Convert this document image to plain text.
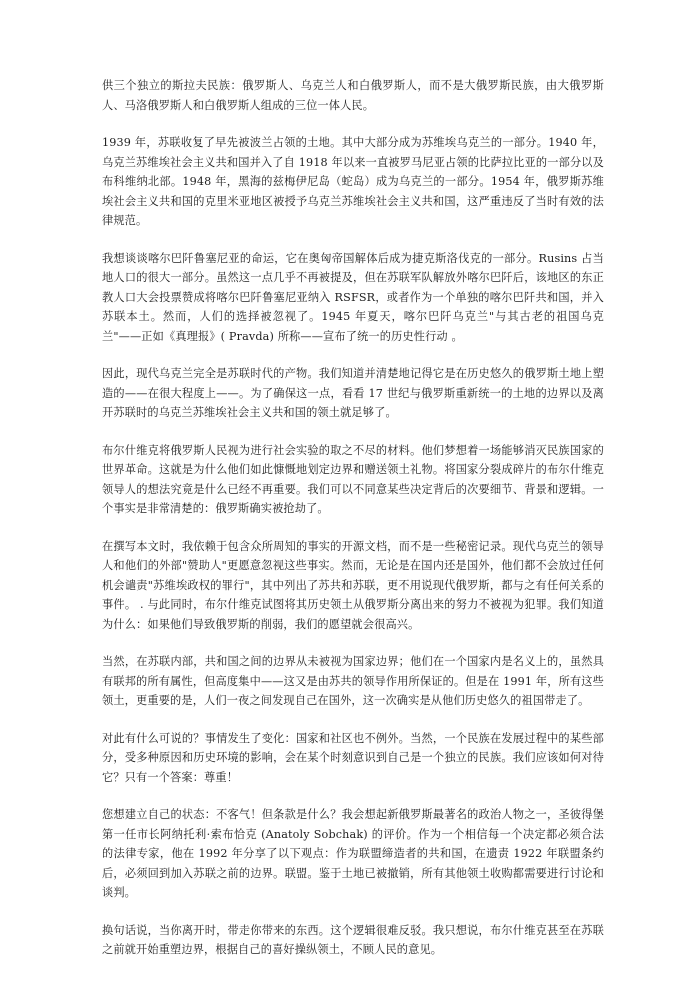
供三个独立的斯拉夫民族：俄罗斯人、乌克兰人和白俄罗斯人，而不是大俄罗斯民族，由大俄罗斯人、马洛俄罗斯人和白俄罗斯人组成的三位一体人民。

1939 年，苏联收复了早先被波兰占领的土地。其中大部分成为苏维埃乌克兰的一部分。1940 年，乌克兰苏维埃社会主义共和国并入了自 1918 年以来一直被罗马尼亚占领的比萨拉比亚的一部分以及布科维纳北部。1948 年，黑海的兹梅伊尼岛（蛇岛）成为乌克兰的一部分。1954 年，俄罗斯苏维埃社会主义共和国的克里米亚地区被授予乌克兰苏维埃社会主义共和国，这严重违反了当时有效的法律规范。

我想谈谈喀尔巴阡鲁塞尼亚的命运，它在奥匈帝国解体后成为捷克斯洛伐克的一部分。Rusins 占当地人口的很大一部分。虽然这一点几乎不再被提及，但在苏联军队解放外喀尔巴阡后，该地区的东正教人口大会投票赞成将喀尔巴阡鲁塞尼亚纳入 RSFSR，或者作为一个单独的喀尔巴阡共和国，并入苏联本土。然而，人们的选择被忽视了。1945 年夏天，喀尔巴阡乌克兰"与其古老的祖国乌克兰"——正如《真理报》( Pravda) 所称——宣布了统一的历史性行动 。

因此，现代乌克兰完全是苏联时代的产物。我们知道并清楚地记得它是在历史悠久的俄罗斯土地上塑造的——在很大程度上——。为了确保这一点，看看 17 世纪与俄罗斯重新统一的土地的边界以及离开苏联时的乌克兰苏维埃社会主义共和国的领土就足够了。

布尔什维克将俄罗斯人民视为进行社会实验的取之不尽的材料。他们梦想着一场能够消灭民族国家的世界革命。这就是为什么他们如此慷慨地划定边界和赠送领土礼物。将国家分裂成碎片的布尔什维克领导人的想法究竟是什么已经不再重要。我们可以不同意某些决定背后的次要细节、背景和逻辑。一个事实是非常清楚的：俄罗斯确实被抢劫了。

在撰写本文时，我依赖于包含众所周知的事实的开源文档，而不是一些秘密记录。现代乌克兰的领导人和他们的外部"赞助人"更愿意忽视这些事实。然而，无论是在国内还是国外，他们都不会放过任何机会谴责"苏维埃政权的罪行"，其中列出了苏共和苏联，更不用说现代俄罗斯，都与之有任何关系的事件。 . 与此同时，布尔什维克试图将其历史领土从俄罗斯分离出来的努力不被视为犯罪。我们知道为什么：如果他们导致俄罗斯的削弱，我们的愿望就会很高兴。

当然，在苏联内部，共和国之间的边界从未被视为国家边界；他们在一个国家内是名义上的，虽然具有联邦的所有属性，但高度集中——这又是由苏共的领导作用所保证的。但是在 1991 年，所有这些领土，更重要的是，人们一夜之间发现自己在国外，这一次确实是从他们历史悠久的祖国带走了。

对此有什么可说的？事情发生了变化：国家和社区也不例外。当然，一个民族在发展过程中的某些部分，受多种原因和历史环境的影响，会在某个时刻意识到自己是一个独立的民族。我们应该如何对待它？只有一个答案：尊重！

您想建立自己的状态：不客气！但条款是什么？我会想起新俄罗斯最著名的政治人物之一，圣彼得堡第一任市长阿纳托利·索布恰克 (Anatoly Sobchak) 的评价。作为一个相信每一个决定都必须合法的法律专家，他在 1992 年分享了以下观点：作为联盟缔造者的共和国，在遗责 1922 年联盟条约后，必须回到加入苏联之前的边界。联盟。鉴于土地已被撤销，所有其他领土收购都需要进行讨论和谈判。

换句话说，当你离开时，带走你带来的东西。这个逻辑很难反驳。我只想说，布尔什维克甚至在苏联之前就开始重塑边界，根据自己的喜好操纵领土，不顾人民的意见。
